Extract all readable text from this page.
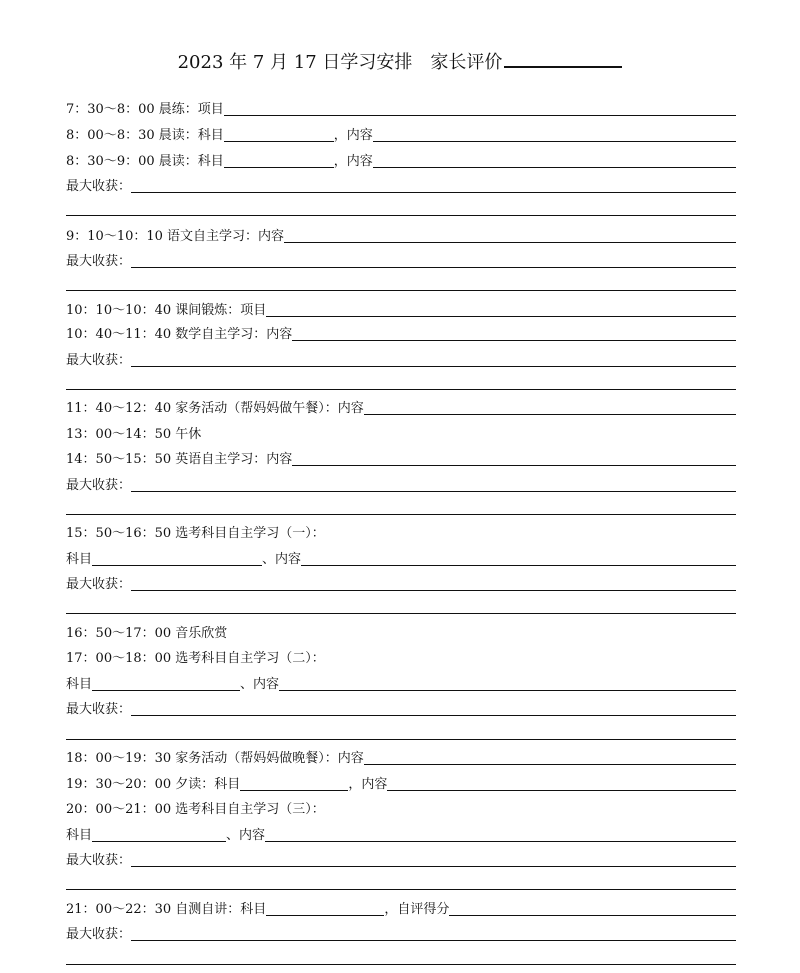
2023 年 7 月 17 日学习安排　家长评价
7：30～8：00 晨练：项目
8：00～8：30 晨读：科目	，内容
8：30～9：00 晨读：科目	，内容
最大收获：
9：10～10：10 语文自主学习：内容
最大收获：
10：10～10：40 课间锻炼：项目
10：40～11：40 数学自主学习：内容
最大收获：
11：40～12：40 家务活动（帮妈妈做午餐）：内容
13：00～14：50 午休
14：50～15：50 英语自主学习：内容
最大收获：
15：50～16：50 选考科目自主学习（一）：
科目	、内容
最大收获：
16：50～17：00 音乐欣赏
17：00～18：00 选考科目自主学习（二）：
科目	、内容
最大收获：
18：00～19：30 家务活动（帮妈妈做晚餐）：内容
19：30～20：00 夕读：科目	，内容
20：00～21：00 选考科目自主学习（三）：
科目	、内容
最大收获：
21：00～22：30 自测自讲：科目	，自评得分
最大收获：
